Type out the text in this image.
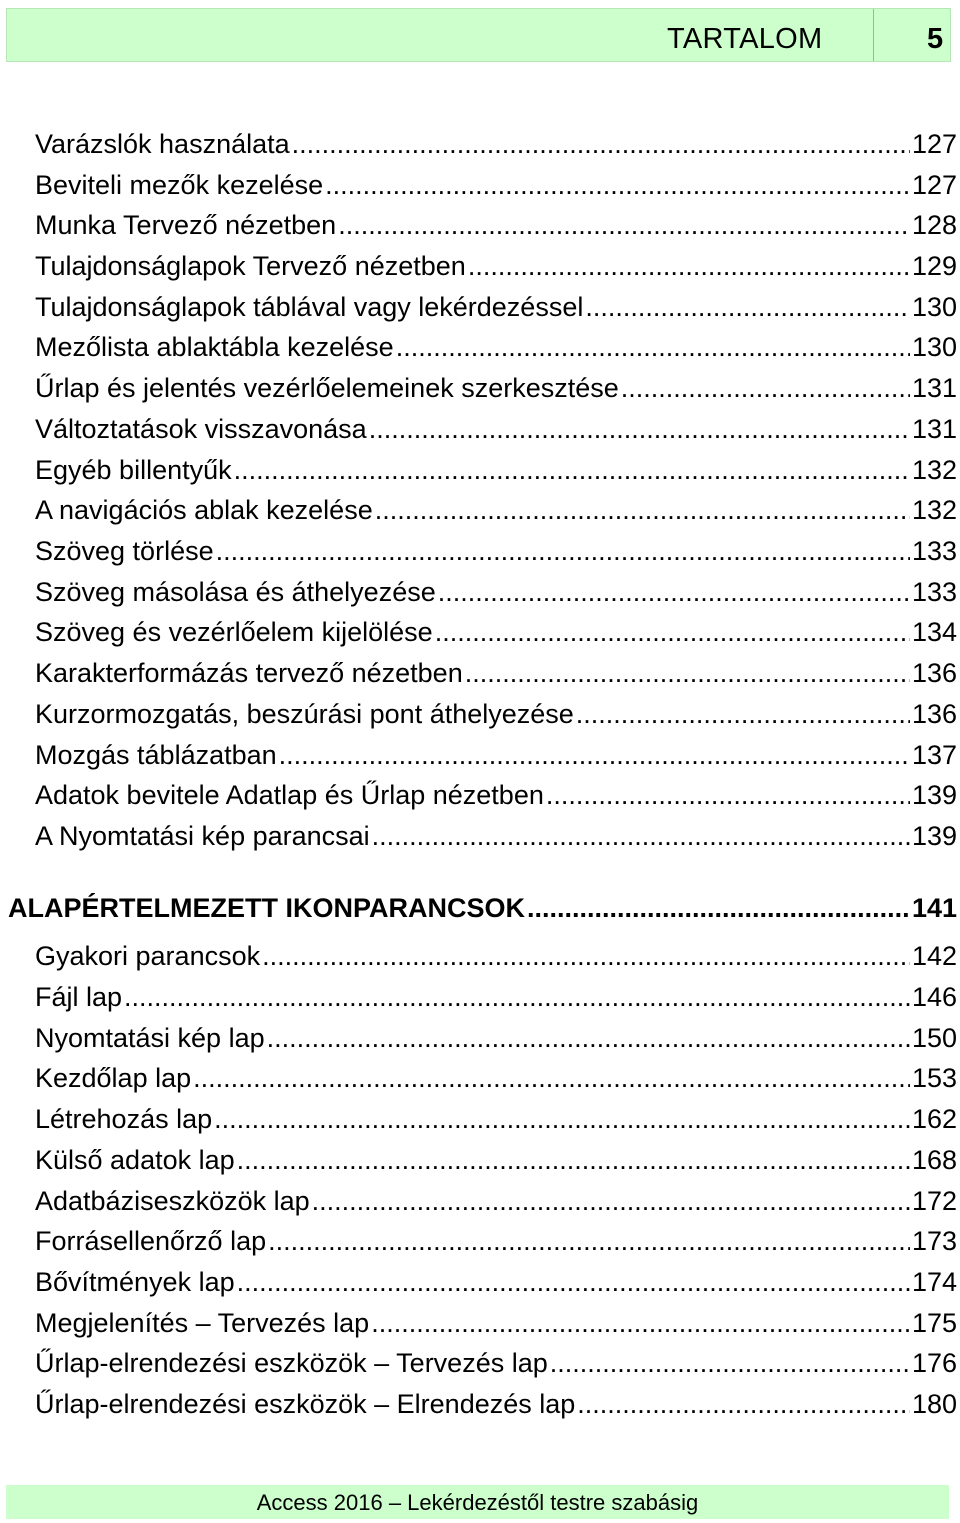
TARTALOM	5
Varázslók használata .....	127
Beviteli mezők kezelése .....	127
Munka Tervező nézetben .....	128
Tulajdonságlapok Tervező nézetben .....	129
Tulajdonságlapok táblával vagy lekérdezéssel .....	130
Mezőlista ablaktábla kezelése .....	130
Űrlap és jelentés vezérlőelemeinek szerkesztése .....	131
Változtatások visszavonása .....	131
Egyéb billentyűk .....	132
A navigációs ablak kezelése .....	132
Szöveg törlése .....	133
Szöveg másolása és áthelyezése .....	133
Szöveg és vezérlőelem kijelölése .....	134
Karakterformázás tervező nézetben .....	136
Kurzormozgatás, beszúrási pont áthelyezése .....	136
Mozgás táblázatban .....	137
Adatok bevitele Adatlap és Űrlap nézetben .....	139
A Nyomtatási kép parancsai .....	139
ALAPÉRTELMEZETT IKONPARANCSOK .....	141
Gyakori parancsok .....	142
Fájl lap .....	146
Nyomtatási kép lap .....	150
Kezdőlap lap .....	153
Létrehozás lap .....	162
Külső adatok lap .....	168
Adatbáziseszközök lap .....	172
Forrásellenőrző lap .....	173
Bővítmények lap .....	174
Megjelenítés – Tervezés lap .....	175
Űrlap-elrendezési eszközök – Tervezés lap .....	176
Űrlap-elrendezési eszközök – Elrendezés lap .....	180
Access 2016 – Lekérdezéstől testre szabásig
